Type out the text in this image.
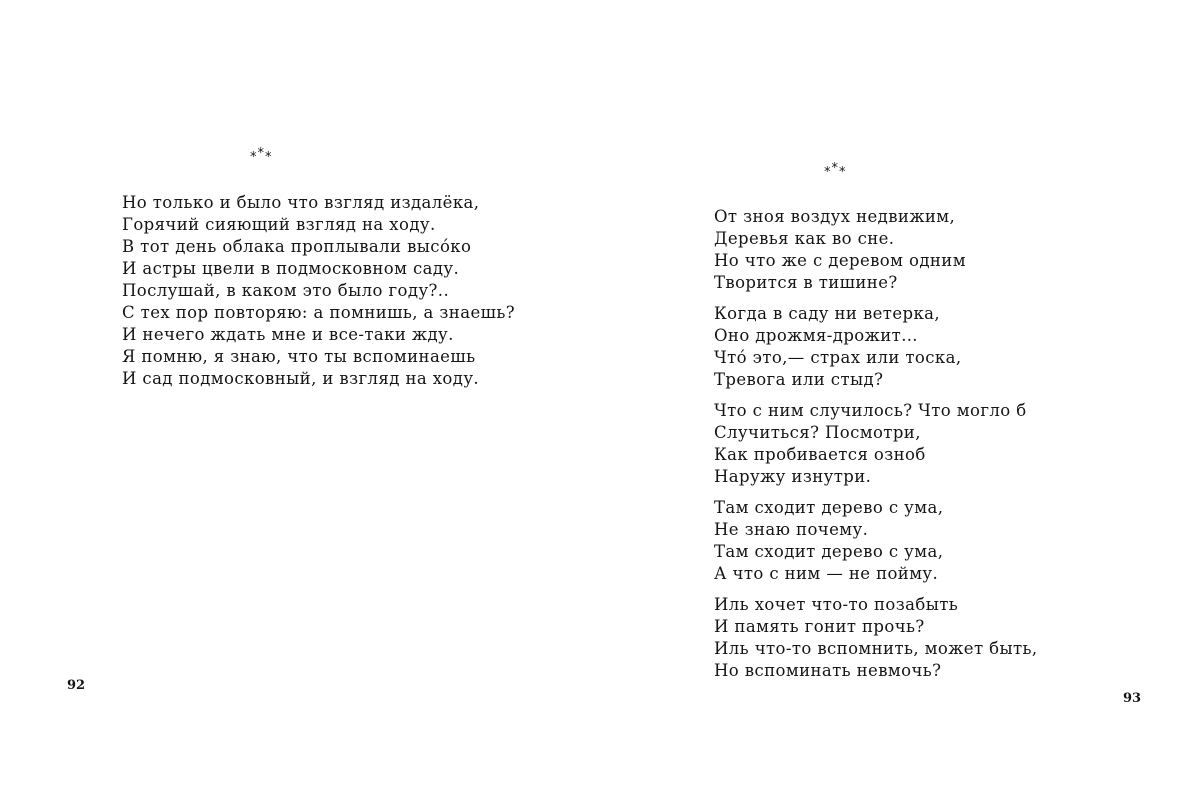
***
Но только и было что взгляд издалёка,
Горячий сияющий взгляд на ходу.
В тот день облака проплывали высо́ко
И астры цвели в подмосковном саду.
Послушай, в каком это было году?..
С тех пор повторяю: а помнишь, а знаешь?
И нечего ждать мне и все-таки жду.
Я помню, я знаю, что ты вспоминаешь
И сад подмосковный, и взгляд на ходу.
92
***
От зноя воздух недвижим,
Деревья как во сне.
Но что же с деревом одним
Творится в тишине?
Когда в саду ни ветерка,
Оно дрожмя-дрожит…
Что́ это,— страх или тоска,
Тревога или стыд?
Что с ним случилось? Что могло б
Случиться? Посмотри,
Как пробивается озноб
Наружу изнутри.
Там сходит дерево с ума,
Не знаю почему.
Там сходит дерево с ума,
А что с ним — не пойму.
Иль хочет что-то позабыть
И память гонит прочь?
Иль что-то вспомнить, может быть,
Но вспоминать невмочь?
93
